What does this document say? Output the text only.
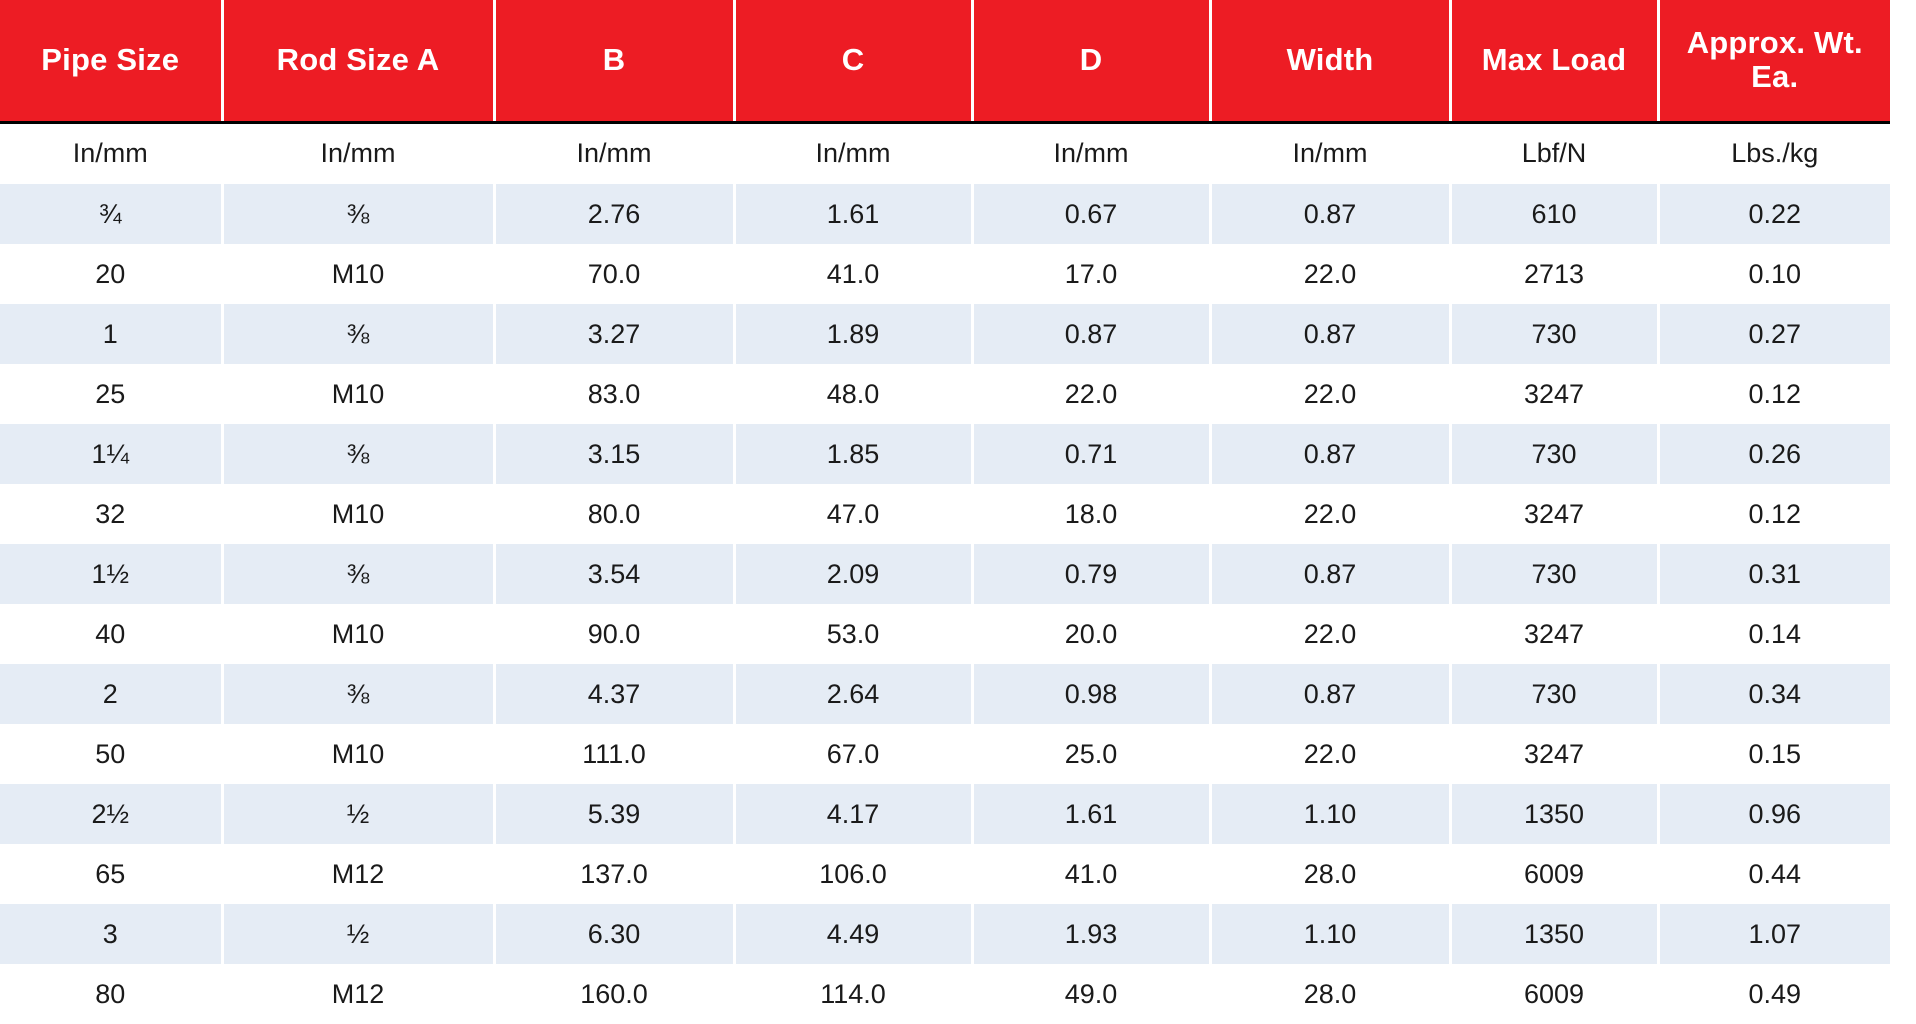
Pipe Size	Rod Size A	B	C	D	Width	Max Load	Approx. Wt. Ea.
In/mm	In/mm	In/mm	In/mm	In/mm	In/mm	Lbf/N	Lbs./kg
¾	⅜	2.76	1.61	0.67	0.87	610	0.22
20	M10	70.0	41.0	17.0	22.0	2713	0.10
1	⅜	3.27	1.89	0.87	0.87	730	0.27
25	M10	83.0	48.0	22.0	22.0	3247	0.12
1¼	⅜	3.15	1.85	0.71	0.87	730	0.26
32	M10	80.0	47.0	18.0	22.0	3247	0.12
1½	⅜	3.54	2.09	0.79	0.87	730	0.31
40	M10	90.0	53.0	20.0	22.0	3247	0.14
2	⅜	4.37	2.64	0.98	0.87	730	0.34
50	M10	111.0	67.0	25.0	22.0	3247	0.15
2½	½	5.39	4.17	1.61	1.10	1350	0.96
65	M12	137.0	106.0	41.0	28.0	6009	0.44
3	½	6.30	4.49	1.93	1.10	1350	1.07
80	M12	160.0	114.0	49.0	28.0	6009	0.49
